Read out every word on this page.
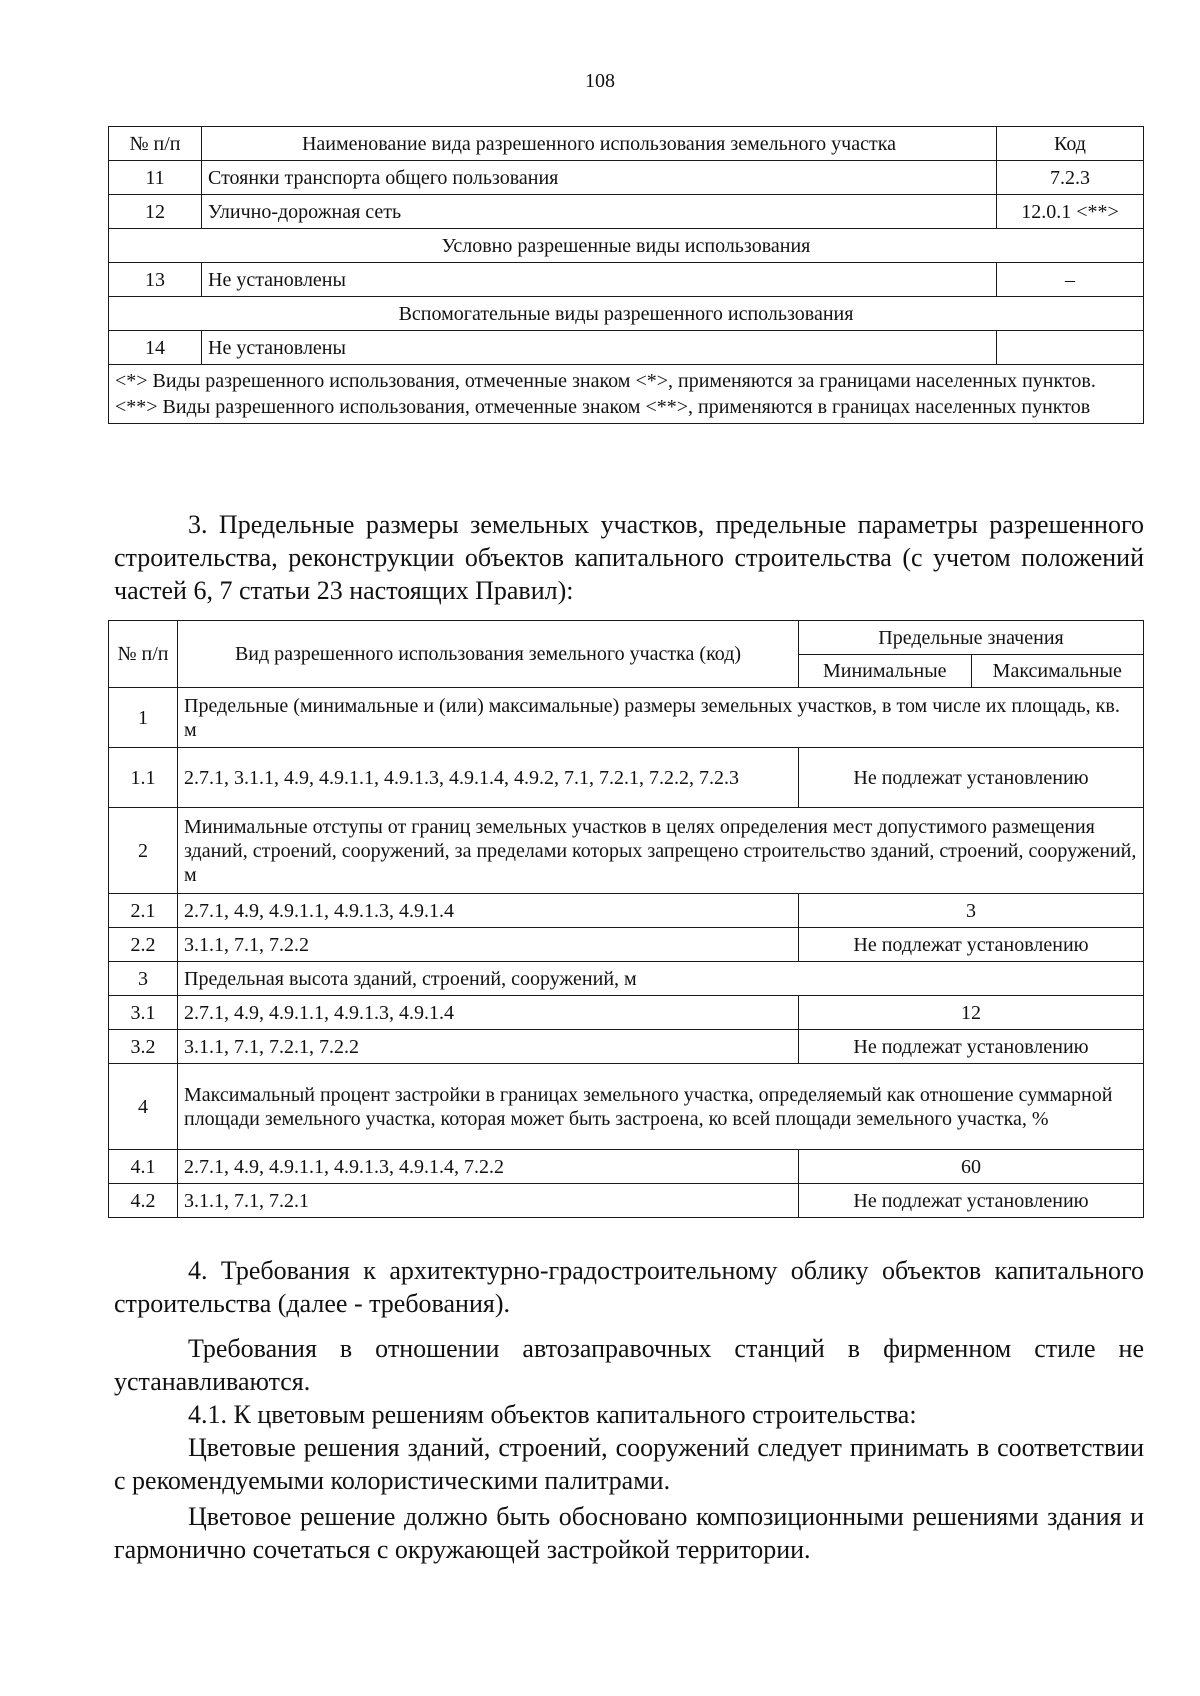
108
№ п/п	Наименование вида разрешенного использования земельного участка	Код
11	Стоянки транспорта общего пользования	7.2.3
12	Улично-дорожная сеть	12.0.1 <**>
Условно разрешенные виды использования		
13	Не установлены	–
Вспомогательные виды разрешенного использования		
14	Не установлены	

<*> Виды разрешенного использования, отмеченные знаком <*>, применяются за границами населенных пунктов.
<**> Виды разрешенного использования, отмеченные знаком <**>, применяются в границах населенных пунктов		
3. Предельные размеры земельных участков, предельные параметры разрешенного строительства, реконструкции объектов капитального строительства (с учетом положений частей 6, 7 статьи 23 настоящих Правил):
№ п/п	Вид разрешенного использования земельного участка (код)	Предельные значения	
		Минимальные	Максимальные
1	Предельные (минимальные и (или) максимальные) размеры земельных участков, в том числе их площадь, кв. м		
1.1	2.7.1, 3.1.1, 4.9, 4.9.1.1, 4.9.1.3, 4.9.1.4, 4.9.2, 7.1, 7.2.1, 7.2.2, 7.2.3	Не подлежат установлению	
2	Минимальные отступы от границ земельных участков в целях определения мест допустимого размещения зданий, строений, сооружений, за пределами которых запрещено строительство зданий, строений, сооружений, м		
2.1	2.7.1, 4.9, 4.9.1.1, 4.9.1.3, 4.9.1.4	3	
2.2	3.1.1, 7.1, 7.2.2	Не подлежат установлению	
3	Предельная высота зданий, строений, сооружений, м		
3.1	2.7.1, 4.9, 4.9.1.1, 4.9.1.3, 4.9.1.4	12	
3.2	3.1.1, 7.1, 7.2.1, 7.2.2	Не подлежат установлению	
4	Максимальный процент застройки в границах земельного участка, определяемый как отношение суммарной площади земельного участка, которая может быть застроена, ко всей площади земельного участка, %		
4.1	2.7.1, 4.9, 4.9.1.1, 4.9.1.3, 4.9.1.4, 7.2.2	60	
4.2	3.1.1, 7.1, 7.2.1	Не подлежат установлению	
4. Требования к архитектурно-градостроительному облику объектов капитального строительства (далее - требования).
Требования в отношении автозаправочных станций в фирменном стиле не устанавливаются.
4.1. К цветовым решениям объектов капитального строительства:
Цветовые решения зданий, строений, сооружений следует принимать в соответствии с рекомендуемыми колористическими палитрами.
Цветовое решение должно быть обосновано композиционными решениями здания и гармонично сочетаться с окружающей застройкой территории.
